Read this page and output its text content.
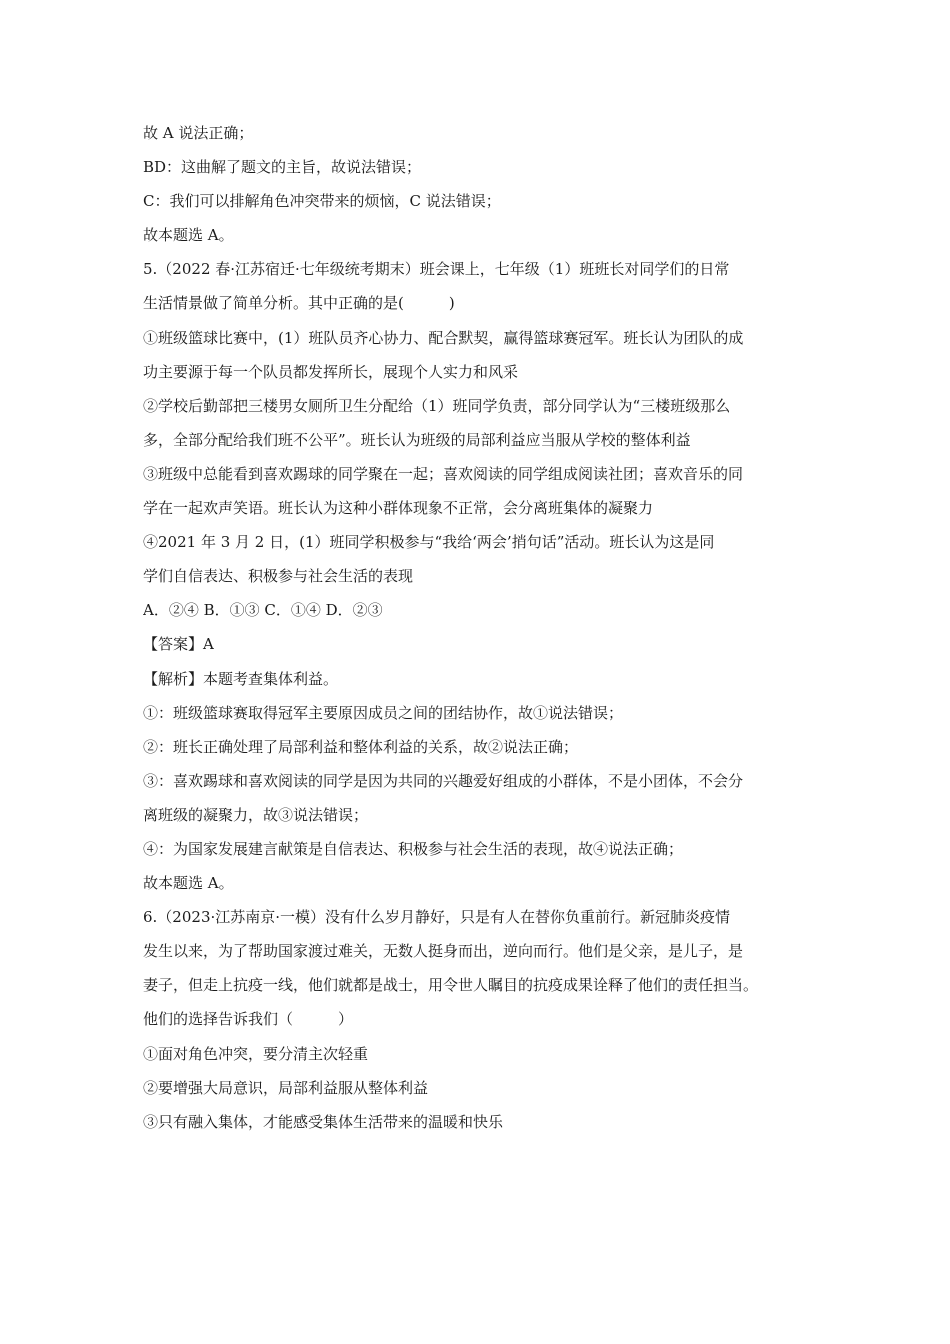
故 A 说法正确；
BD：这曲解了题文的主旨，故说法错误；
C：我们可以排解角色冲突带来的烦恼，C 说法错误；
故本题选 A。
5.（2022 春·江苏宿迁·七年级统考期末）班会课上，七年级（1）班班长对同学们的日常
生活情景做了简单分析。其中正确的是(　　　)
①班级篮球比赛中，(1）班队员齐心协力、配合默契，赢得篮球赛冠军。班长认为团队的成
功主要源于每一个队员都发挥所长，展现个人实力和风采
②学校后勤部把三楼男女厕所卫生分配给（1）班同学负责，部分同学认为“三楼班级那么
多，全部分配给我们班不公平”。班长认为班级的局部利益应当服从学校的整体利益
③班级中总能看到喜欢踢球的同学聚在一起；喜欢阅读的同学组成阅读社团；喜欢音乐的同
学在一起欢声笑语。班长认为这种小群体现象不正常，会分离班集体的凝聚力
④2021 年 3 月 2 日，(1）班同学积极参与“我给‘两会’捎句话”活动。班长认为这是同
学们自信表达、积极参与社会生活的表现
A．②④ B．①③ C．①④ D．②③
【答案】A
【解析】本题考查集体利益。
①：班级篮球赛取得冠军主要原因成员之间的团结协作，故①说法错误；
②：班长正确处理了局部利益和整体利益的关系，故②说法正确；
③：喜欢踢球和喜欢阅读的同学是因为共同的兴趣爱好组成的小群体，不是小团体，不会分
离班级的凝聚力，故③说法错误；
④：为国家发展建言献策是自信表达、积极参与社会生活的表现，故④说法正确；
故本题选 A。
6.（2023·江苏南京·一模）没有什么岁月静好，只是有人在替你负重前行。新冠肺炎疫情
发生以来，为了帮助国家渡过难关，无数人挺身而出，逆向而行。他们是父亲，是儿子，是
妻子，但走上抗疫一线，他们就都是战士，用令世人瞩目的抗疫成果诠释了他们的责任担当。
他们的选择告诉我们（　　　）
①面对角色冲突，要分清主次轻重
②要增强大局意识，局部利益服从整体利益
③只有融入集体，才能感受集体生活带来的温暖和快乐
